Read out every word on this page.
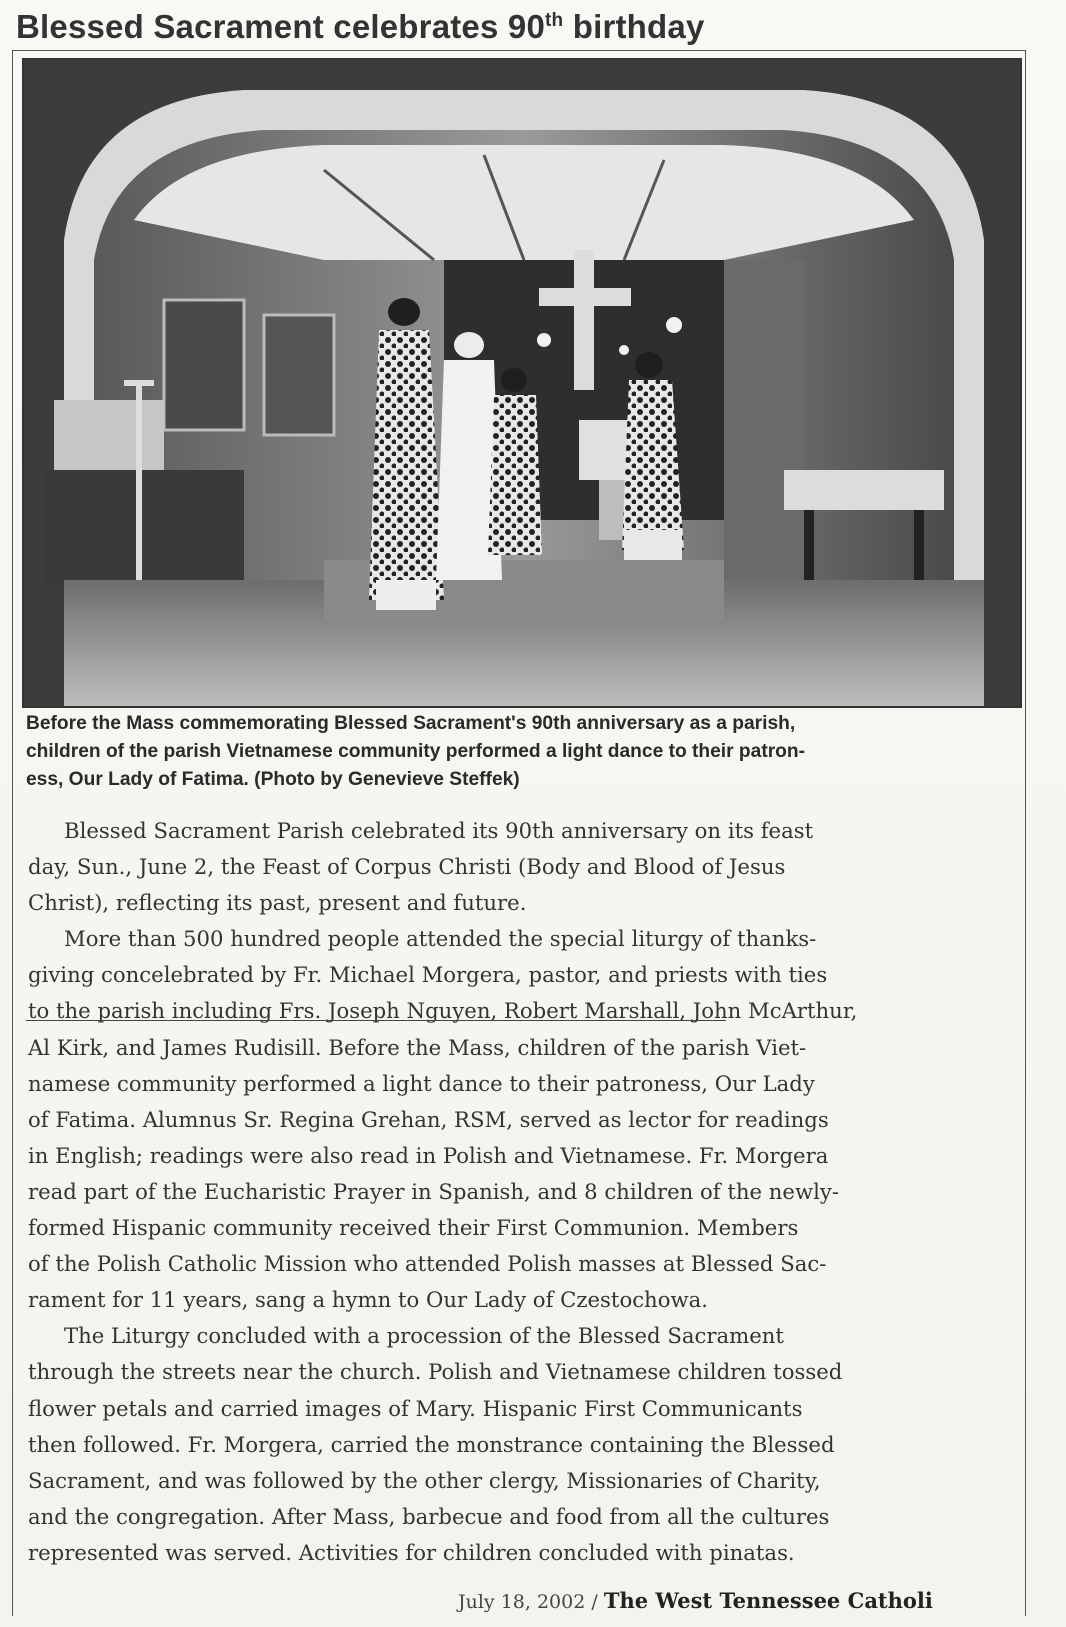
Blessed Sacrament celebrates 90th birthday
Before the Mass commemorating Blessed Sacrament's 90th anniversary as a parish,
children of the parish Vietnamese community performed a light dance to their patron-
ess, Our Lady of Fatima. (Photo by Genevieve Steffek)
Blessed Sacrament Parish celebrated its 90th anniversary on its feast
day, Sun., June 2, the Feast of Corpus Christi (Body and Blood of Jesus
Christ), reflecting its past, present and future.
More than 500 hundred people attended the special liturgy of thanks-
giving concelebrated by Fr. Michael Morgera, pastor, and priests with ties
to the parish including Frs. Joseph Nguyen, Robert Marshall, John McArthur,
Al Kirk, and James Rudisill. Before the Mass, children of the parish Viet-
namese community performed a light dance to their patroness, Our Lady
of Fatima. Alumnus Sr. Regina Grehan, RSM, served as lector for readings
in English; readings were also read in Polish and Vietnamese. Fr. Morgera
read part of the Eucharistic Prayer in Spanish, and 8 children of the newly-
formed Hispanic community received their First Communion. Members
of the Polish Catholic Mission who attended Polish masses at Blessed Sac-
rament for 11 years, sang a hymn to Our Lady of Czestochowa.
The Liturgy concluded with a procession of the Blessed Sacrament
through the streets near the church. Polish and Vietnamese children tossed
flower petals and carried images of Mary. Hispanic First Communicants
then followed. Fr. Morgera, carried the monstrance containing the Blessed
Sacrament, and was followed by the other clergy, Missionaries of Charity,
and the congregation. After Mass, barbecue and food from all the cultures
represented was served. Activities for children concluded with pinatas.
July 18, 2002 / The West Tennessee Catholi
